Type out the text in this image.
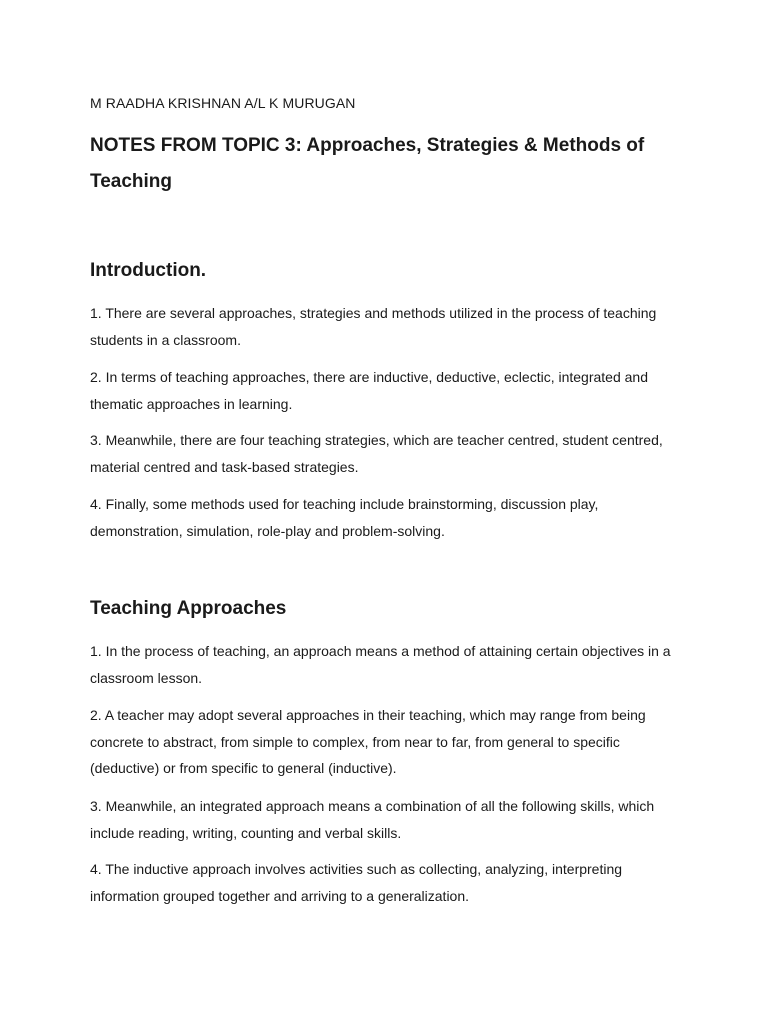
M RAADHA KRISHNAN A/L K MURUGAN

NOTES FROM TOPIC 3: Approaches, Strategies & Methods of Teaching
Introduction.

1. There are several approaches, strategies and methods utilized in the process of teaching students in a classroom.

2. In terms of teaching approaches, there are inductive, deductive, eclectic, integrated and thematic approaches in learning.

3. Meanwhile, there are four teaching strategies, which are teacher centred, student centred, material centred and task-based strategies.

4. Finally, some methods used for teaching include brainstorming, discussion play, demonstration, simulation, role-play and problem-solving.

Teaching Approaches

1. In the process of teaching, an approach means a method of attaining certain objectives in a classroom lesson.

2. A teacher may adopt several approaches in their teaching, which may range from being concrete to abstract, from simple to complex, from near to far, from general to specific (deductive) or from specific to general (inductive).

3. Meanwhile, an integrated approach means a combination of all the following skills, which include reading, writing, counting and verbal skills.

4. The inductive approach involves activities such as collecting, analyzing, interpreting information grouped together and arriving to a generalization.
